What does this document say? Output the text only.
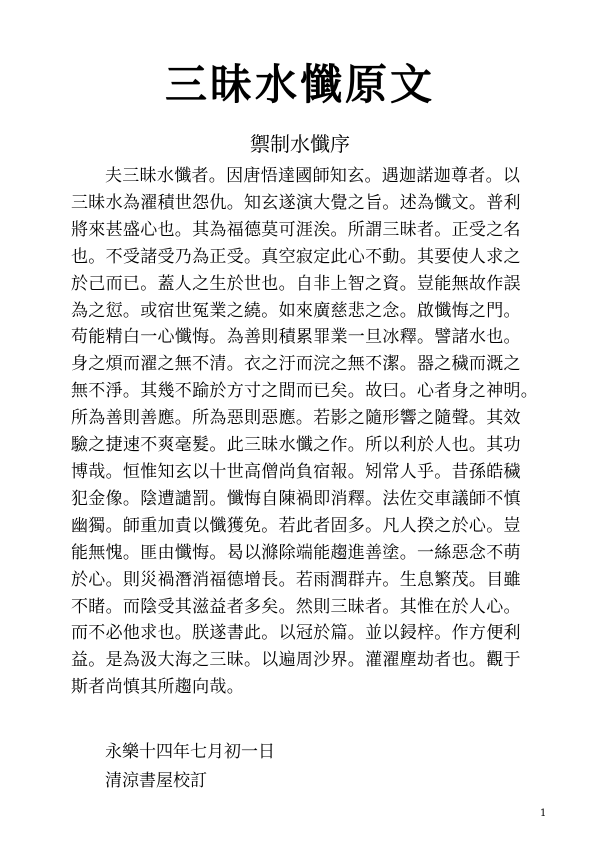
三昧水懺原文
禦制水懺序
夫三昧水懺者。因唐悟達國師知玄。遇迦諾迦尊者。以
三昧水為濯積世怨仇。知玄遂演大覺之旨。述為懺文。普利
將來甚盛心也。其為福德莫可涯涘。所謂三昧者。正受之名
也。不受諸受乃為正受。真空寂定此心不動。其要使人求之
於己而已。蓋人之生於世也。自非上智之資。豈能無故作誤
為之愆。或宿世冤業之繞。如來廣慈悲之念。啟懺悔之門。
苟能精白一心懺悔。為善則積累罪業一旦冰釋。譬諸水也。
身之煩而濯之無不清。衣之汙而浣之無不潔。器之穢而溉之
無不淨。其幾不踰於方寸之間而已矣。故曰。心者身之神明。
所為善則善應。所為惡則惡應。若影之隨形響之隨聲。其效
驗之捷速不爽毫髮。此三昧水懺之作。所以利於人也。其功
博哉。恒惟知玄以十世高僧尚負宿報。矧常人乎。昔孫皓穢
犯金像。陰遭譴罰。懺悔自陳禍即消釋。法佐交車議師不慎
幽獨。師重加責以懺獲免。若此者固多。凡人揆之於心。豈
能無愧。匪由懺悔。曷以滌除端能趨進善塗。一絲惡念不萌
於心。則災禍潛消福德增長。若雨潤群卉。生息繁茂。目雖
不睹。而陰受其滋益者多矣。然則三昧者。其惟在於人心。
而不必他求也。朕遂書此。以冠於篇。並以鋟梓。作方便利
益。是為汲大海之三昧。以遍周沙界。灌濯塵劫者也。觀于
斯者尚慎其所趨向哉。
永樂十四年七月初一日
清涼書屋校訂
1
